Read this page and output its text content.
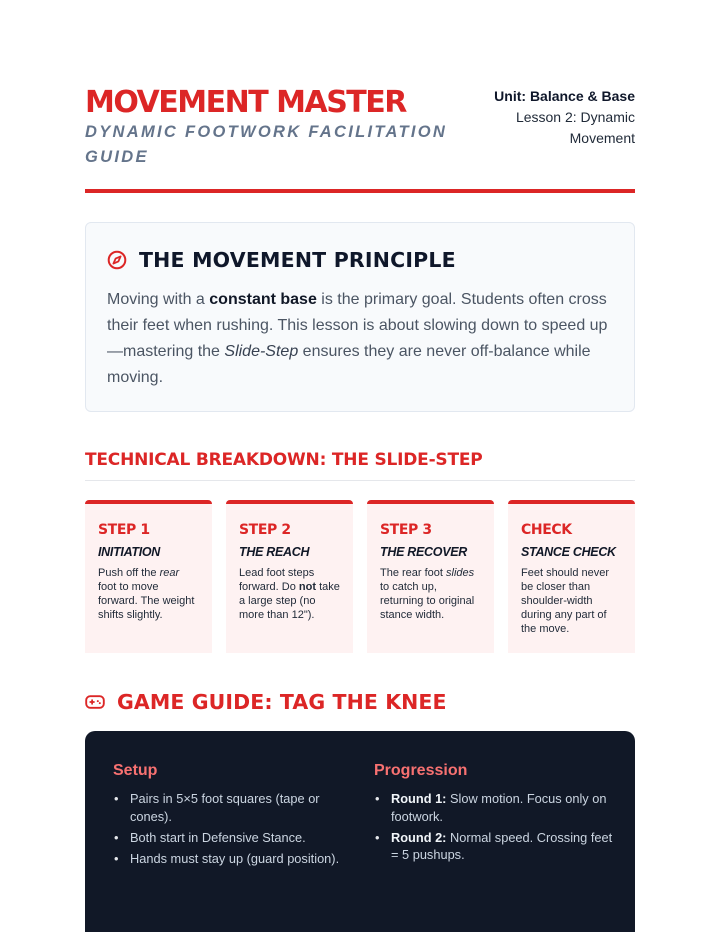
MOVEMENT MASTER
DYNAMIC FOOTWORK FACILITATION GUIDE
Unit: Balance & Base
Lesson 2: Dynamic Movement
THE MOVEMENT PRINCIPLE

Moving with a constant base is the primary goal. Students often cross their feet when rushing. This lesson is about slowing down to speed up—mastering the Slide-Step ensures they are never off-balance while moving.

TECHNICAL BREAKDOWN: THE SLIDE-STEP
STEP 1
INITIATION
Push off the rear foot to move forward. The weight shifts slightly.
STEP 2
THE REACH
Lead foot steps forward. Do not take a large step (no more than 12").
STEP 3
THE RECOVER
The rear foot slides to catch up, returning to original stance width.
CHECK
STANCE CHECK
Feet should never be closer than shoulder-width during any part of the move.
GAME GUIDE: TAG THE KNEE
Setup
• Pairs in 5×5 foot squares (tape or cones).
• Both start in Defensive Stance.
• Hands must stay up (guard position).
Progression
• Round 1: Slow motion. Focus only on footwork.
• Round 2: Normal speed. Crossing feet = 5 pushups.
